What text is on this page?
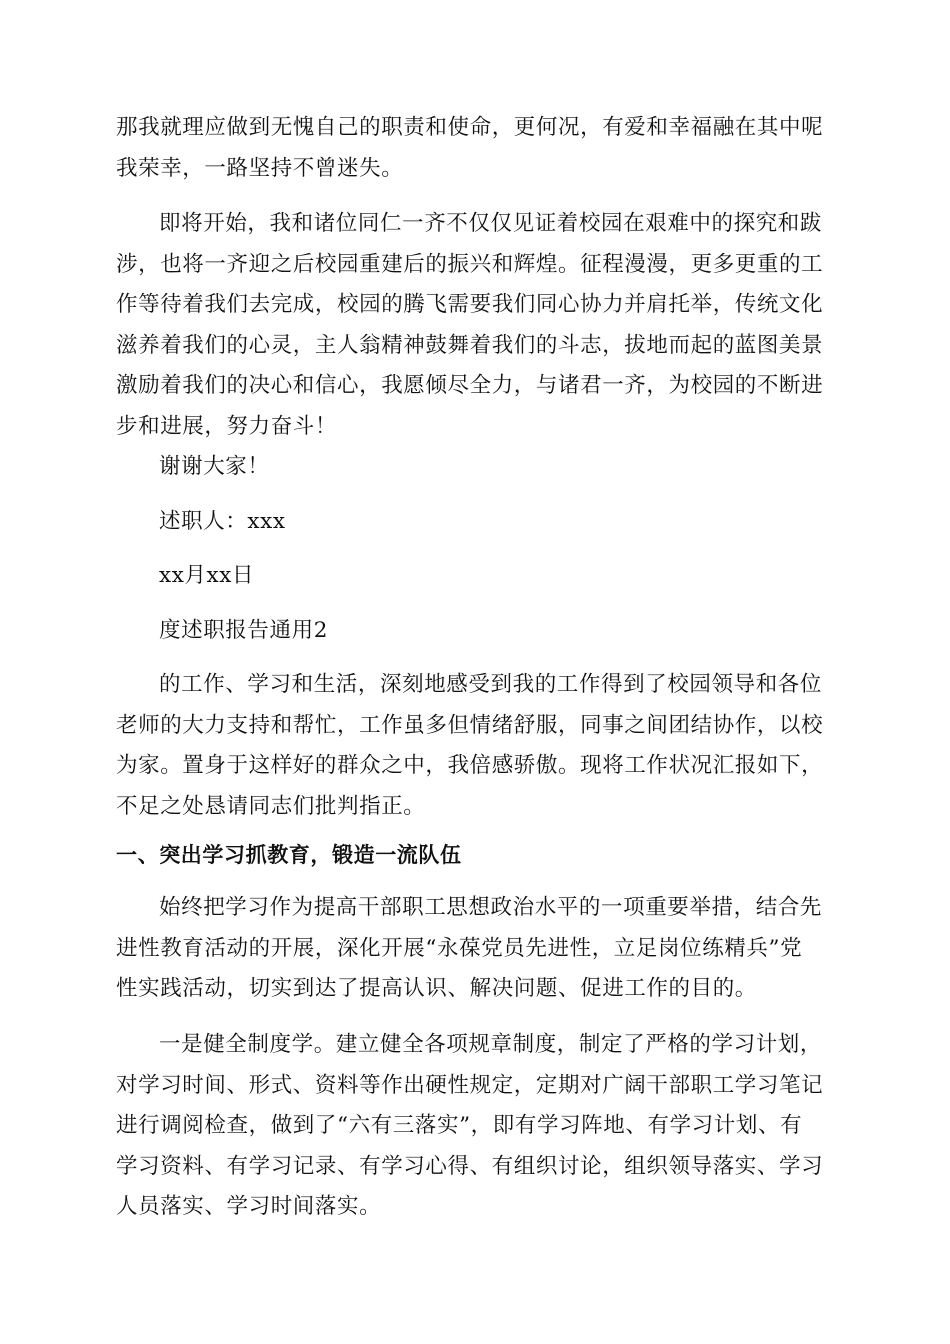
那我就理应做到无愧自己的职责和使命，更何况，有爱和幸福融在其中呢
我荣幸，一路坚持不曾迷失。

即将开始，我和诸位同仁一齐不仅仅见证着校园在艰难中的探究和跋
涉，也将一齐迎之后校园重建后的振兴和辉煌。征程漫漫，更多更重的工
作等待着我们去完成，校园的腾飞需要我们同心协力并肩托举，传统文化
滋养着我们的心灵，主人翁精神鼓舞着我们的斗志，拔地而起的蓝图美景
激励着我们的决心和信心，我愿倾尽全力，与诸君一齐，为校园的不断进
步和进展，努力奋斗！

谢谢大家！

述职人：xxx

xx月xx日

度述职报告通用2

的工作、学习和生活，深刻地感受到我的工作得到了校园领导和各位
老师的大力支持和帮忙，工作虽多但情绪舒服，同事之间团结协作，以校
为家。置身于这样好的群众之中，我倍感骄傲。现将工作状况汇报如下，
不足之处恳请同志们批判指正。

一、突出学习抓教育，锻造一流队伍

始终把学习作为提高干部职工思想政治水平的一项重要举措，结合先
进性教育活动的开展，深化开展“永葆党员先进性，立足岗位练精兵”党
性实践活动，切实到达了提高认识、解决问题、促进工作的目的。

一是健全制度学。建立健全各项规章制度，制定了严格的学习计划，
对学习时间、形式、资料等作出硬性规定，定期对广阔干部职工学习笔记
进行调阅检查，做到了“六有三落实”，即有学习阵地、有学习计划、有
学习资料、有学习记录、有学习心得、有组织讨论，组织领导落实、学习
人员落实、学习时间落实。
